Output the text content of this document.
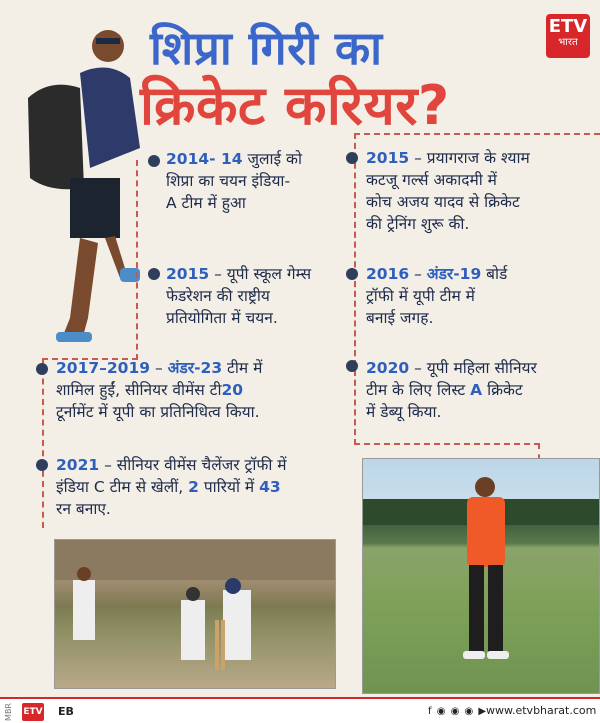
शिप्रा गिरी का
क्रिकेट करियर?
ETV
भारत
2014- 14 जुलाई को
शिप्रा का चयन इंडिया-
A टीम में हुआ
2015 – प्रयागराज के श्याम
कटजू गर्ल्स अकादमी में
कोच अजय यादव से क्रिकेट
की ट्रेनिंग शुरू की.
2015 – यूपी स्कूल गेम्स
फेडरेशन की राष्ट्रीय
प्रतियोगिता में चयन.
2016 – अंडर-19 बोर्ड
ट्रॉफी में यूपी टीम में
बनाई जगह.
2017–2019 – अंडर-23 टीम में
शामिल हुईं, सीनियर वीमेंस टी20
टूर्नामेंट में यूपी का प्रतिनिधित्व किया.
2020 – यूपी महिला सीनियर
टीम के लिए लिस्ट A क्रिकेट
में डेब्यू किया.
2021 – सीनियर वीमेंस चैलेंजर ट्रॉफी में
इंडिया C टीम से खेलीं, 2 पारियों में 43
रन बनाए.
MBR ETV EB	f ◉ ◉ ◉ ▶
www.etvbharat.com
